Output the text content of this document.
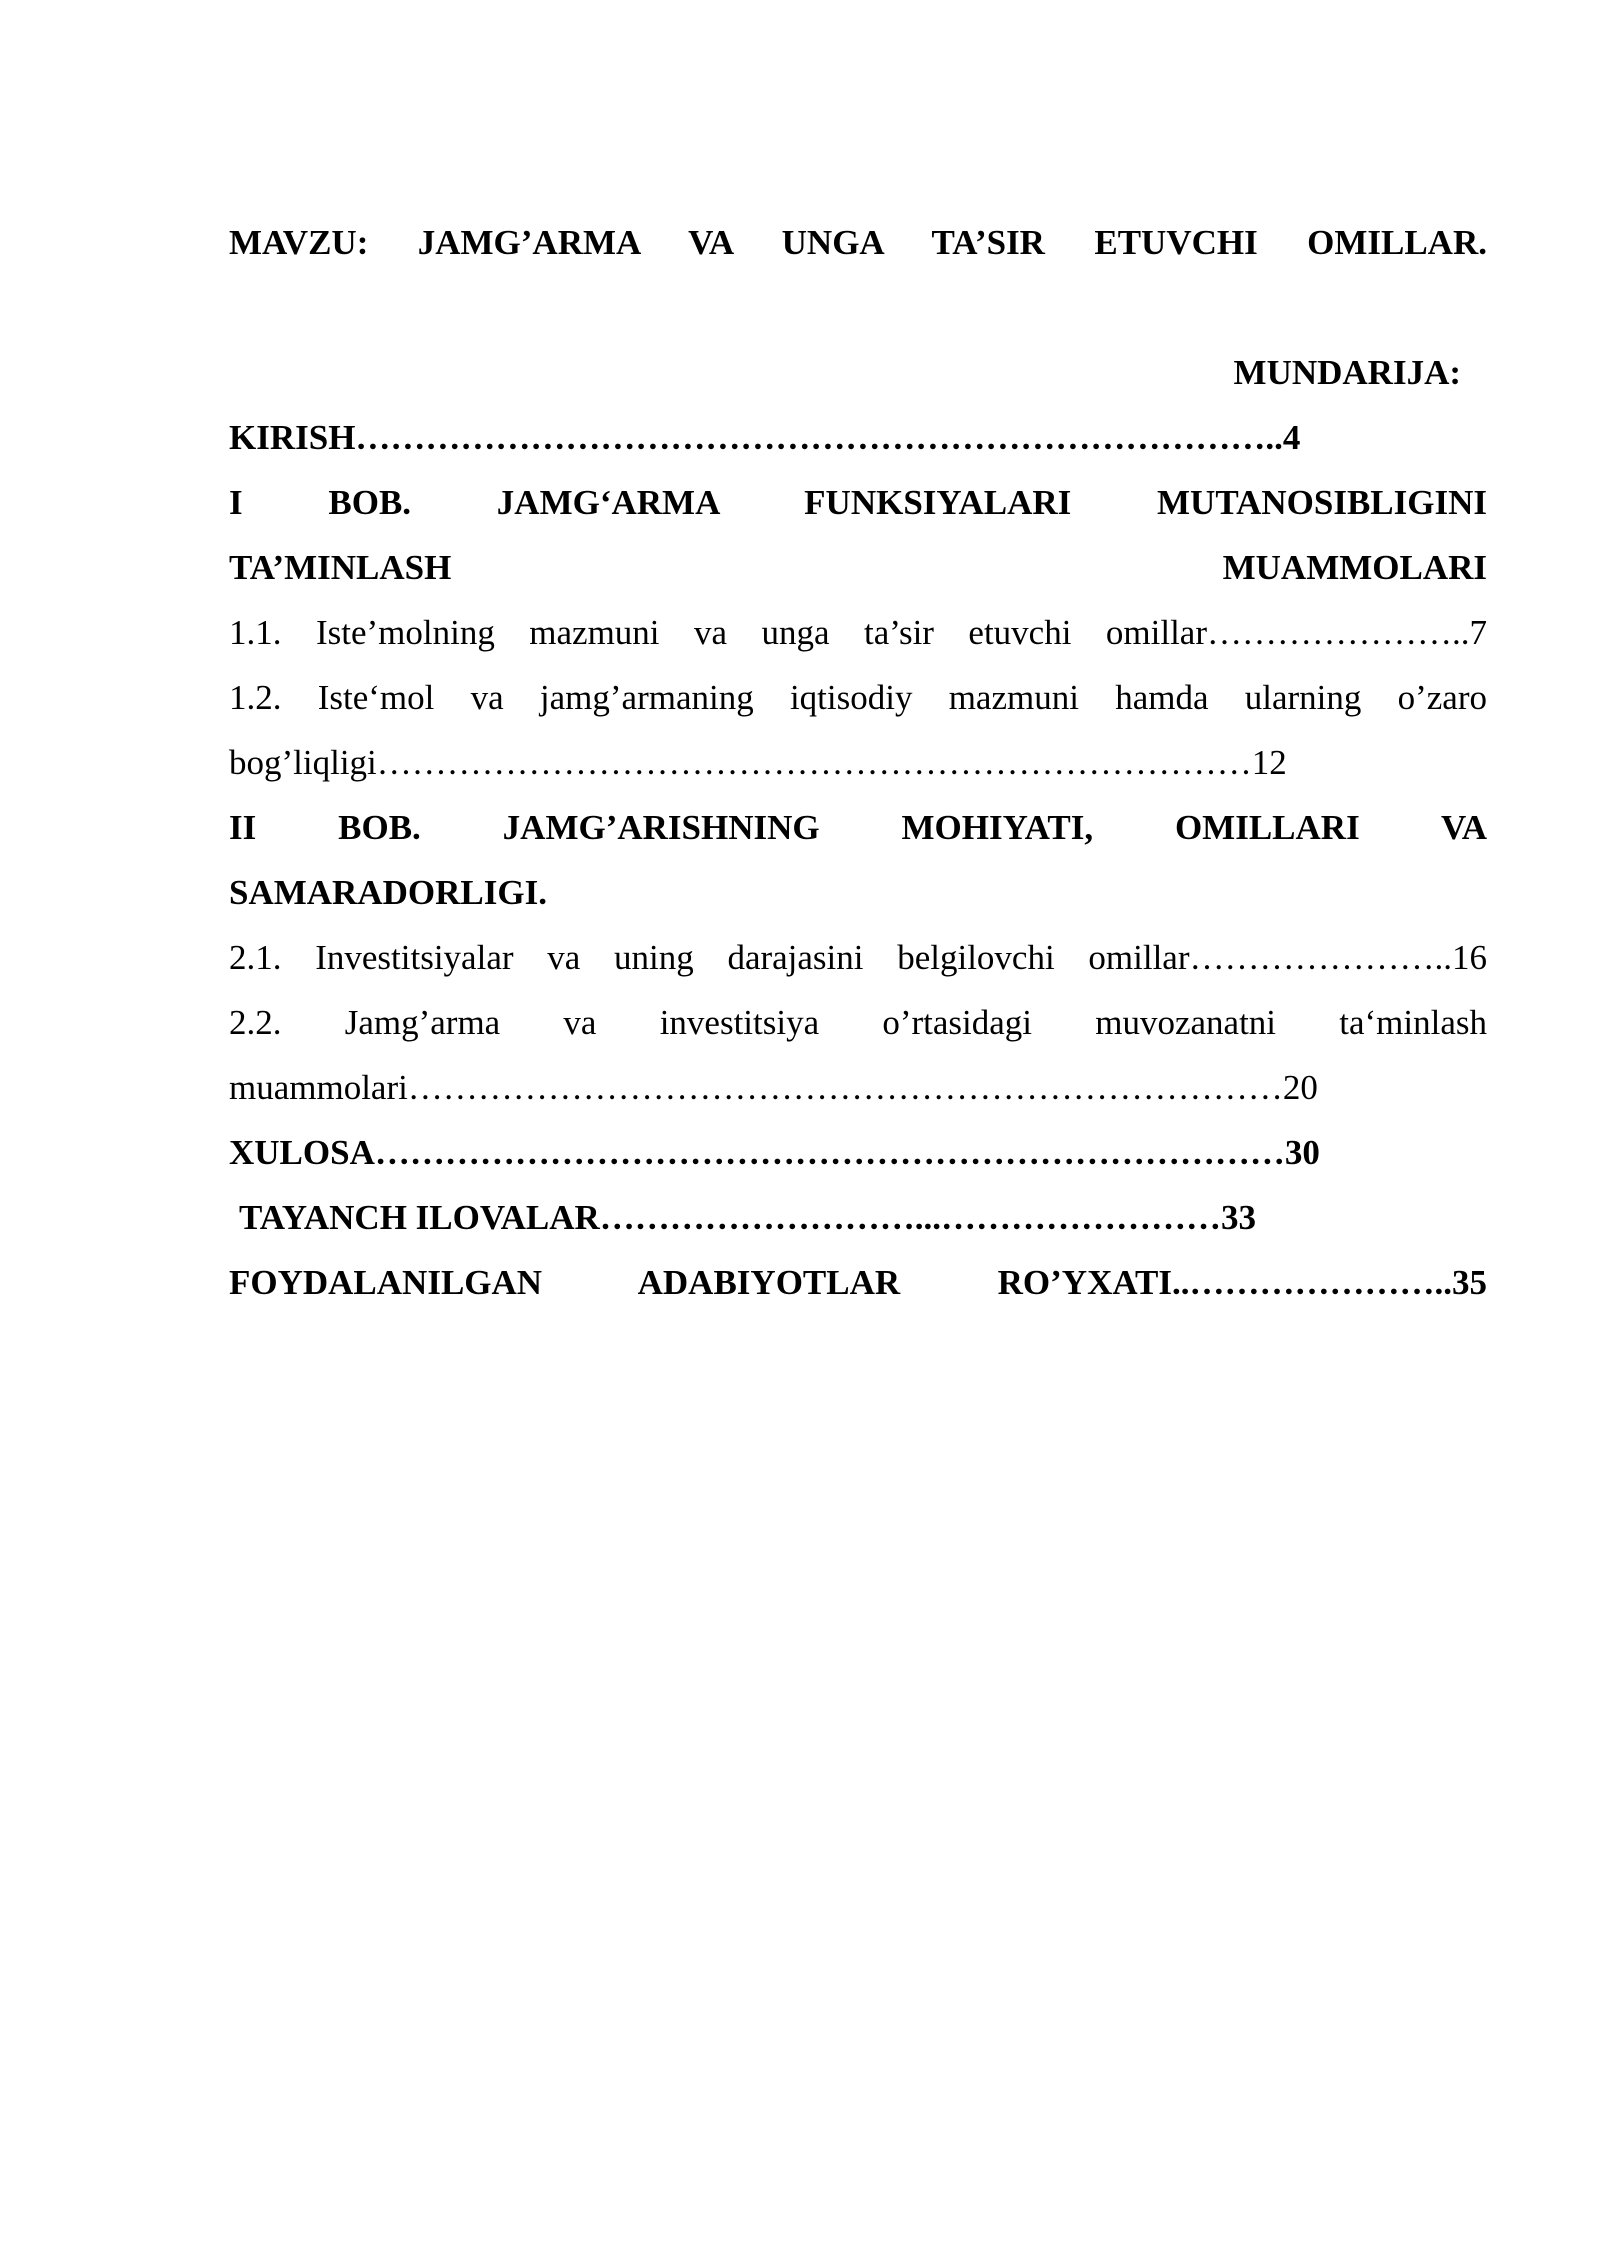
MAVZU: JAMG’ARMA VA UNGA TA’SIR ETUVCHI OMILLAR.
MUNDARIJA:
KIRISH……………………………………………………………………..4
I BOB. JAMG‘ARMA FUNKSIYALARI MUTANOSIBLIGINI
TA’MINLASH MUAMMOLARI
1.1. Iste’molning mazmuni va unga ta’sir etuvchi omillar…………………..7
1.2. Iste‘mol va jamg’armaning iqtisodiy mazmuni hamda ularning o’zaro
bog’liqligi…………………………………………………………………12
II BOB. JAMG’ARISHNING MOHIYATI, OMILLARI VA
SAMARADORLIGI.
2.1. Investitsiyalar va uning darajasini belgilovchi omillar…………………..16
2.2. Jamg’arma va investitsiya o’rtasidagi muvozanatni ta‘minlash
muammolari…………………………………………………………………20
XULOSA……………………………………………………………………30
TAYANCH ILOVALAR………………………...……………………33
FOYDALANILGAN ADABIYOTLAR RO’YXATI..…………………..35
